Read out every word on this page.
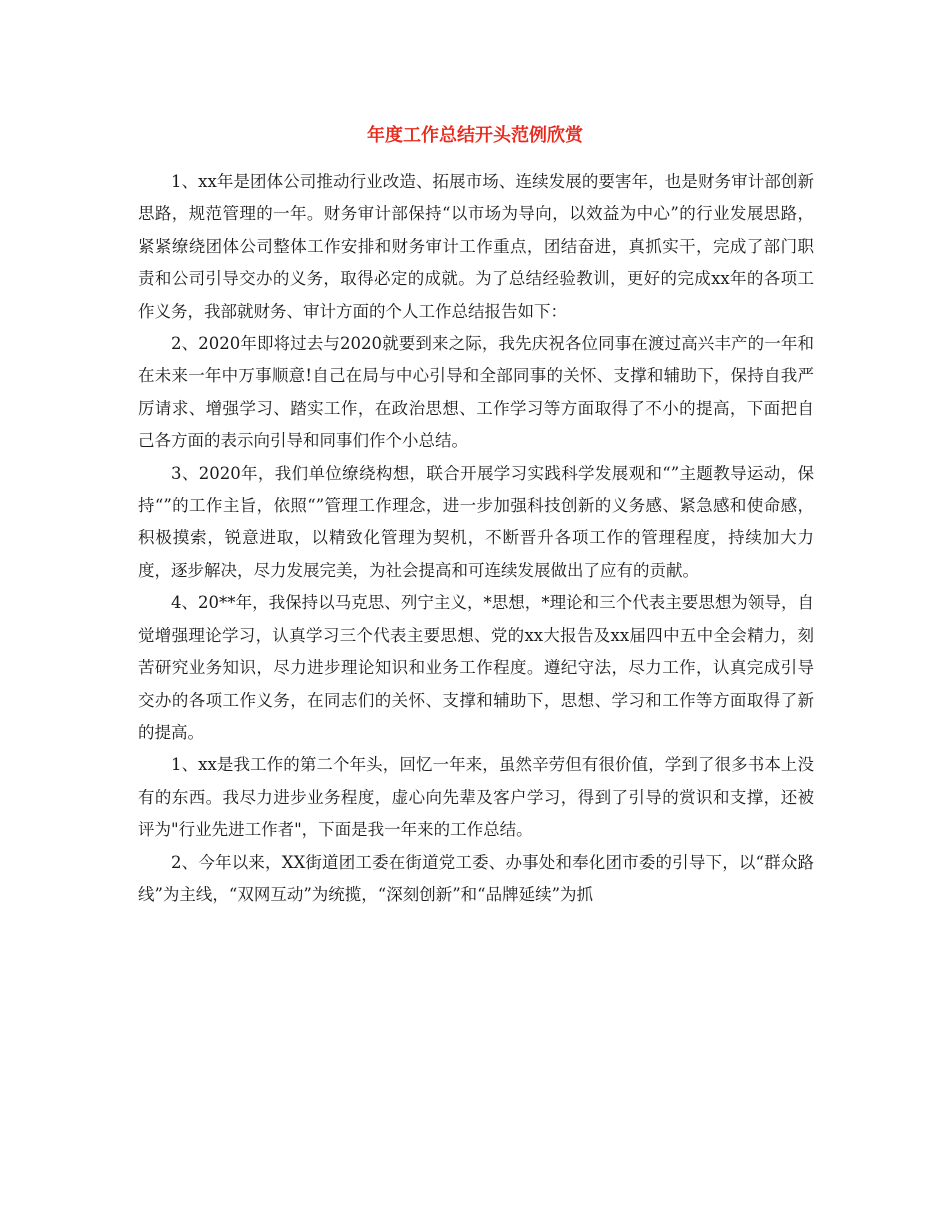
年度工作总结开头范例欣赏

1、xx年是团体公司推动行业改造、拓展市场、连续发展的要害年，也是财务审计部创新思路，规范管理的一年。财务审计部保持“以市场为导向，以效益为中心”的行业发展思路，紧紧缭绕团体公司整体工作安排和财务审计工作重点，团结奋进，真抓实干，完成了部门职责和公司引导交办的义务，取得必定的成就。为了总结经验教训，更好的完成xx年的各项工作义务，我部就财务、审计方面的个人工作总结报告如下：

2、2020年即将过去与2020就要到来之际，我先庆祝各位同事在渡过高兴丰产的一年和在未来一年中万事顺意!自己在局与中心引导和全部同事的关怀、支撑和辅助下，保持自我严厉请求、增强学习、踏实工作，在政治思想、工作学习等方面取得了不小的提高，下面把自己各方面的表示向引导和同事们作个小总结。

3、2020年，我们单位缭绕构想，联合开展学习实践科学发展观和“”主题教导运动，保持“”的工作主旨，依照“”管理工作理念，进一步加强科技创新的义务感、紧急感和使命感，积极摸索，锐意进取，以精致化管理为契机，不断晋升各项工作的管理程度，持续加大力度，逐步解决，尽力发展完美，为社会提高和可连续发展做出了应有的贡献。

4、20**年，我保持以马克思、列宁主义，*思想，*理论和三个代表主要思想为领导，自觉增强理论学习，认真学习三个代表主要思想、党的xx大报告及xx届四中五中全会精力，刻苦研究业务知识，尽力进步理论知识和业务工作程度。遵纪守法，尽力工作，认真完成引导交办的各项工作义务，在同志们的关怀、支撑和辅助下，思想、学习和工作等方面取得了新的提高。

1、xx是我工作的第二个年头，回忆一年来，虽然辛劳但有很价值，学到了很多书本上没有的东西。我尽力进步业务程度，虚心向先辈及客户学习，得到了引导的赏识和支撑，还被评为"行业先进工作者"，下面是我一年来的工作总结。

2、今年以来，XX街道团工委在街道党工委、办事处和奉化团市委的引导下，以“群众路线”为主线，“双网互动”为统揽，“深刻创新”和“品牌延续”为抓
